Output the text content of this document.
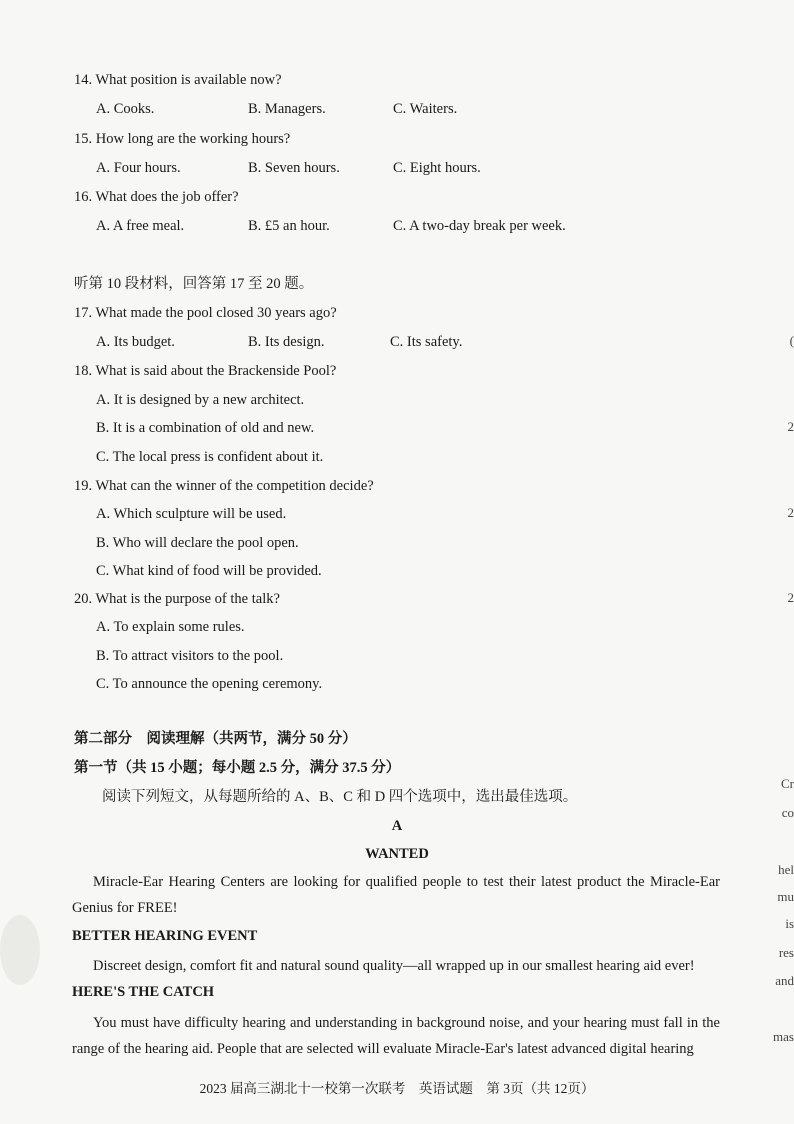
14. What position is available now?
A. Cooks.	B. Managers.	C. Waiters.
15. How long are the working hours?
A. Four hours.	B. Seven hours.	C. Eight hours.
16. What does the job offer?
A. A free meal.	B. £5 an hour.	C. A two-day break per week.
听第 10 段材料，回答第 17 至 20 题。
17. What made the pool closed 30 years ago?
A. Its budget.	B. Its design.	C. Its safety.
18. What is said about the Brackenside Pool?
A. It is designed by a new architect.
B. It is a combination of old and new.
C. The local press is confident about it.
19. What can the winner of the competition decide?
A. Which sculpture will be used.
B. Who will declare the pool open.
C. What kind of food will be provided.
20. What is the purpose of the talk?
A. To explain some rules.
B. To attract visitors to the pool.
C. To announce the opening ceremony.
第二部分　阅读理解（共两节，满分 50 分）
第一节（共 15 小题；每小题 2.5 分，满分 37.5 分）
阅读下列短文，从每题所给的 A、B、C 和 D 四个选项中，选出最佳选项。
A
WANTED
Miracle-Ear Hearing Centers are looking for qualified people to test their latest product the Miracle-Ear Genius for FREE!
BETTER HEARING EVENT
Discreet design, comfort fit and natural sound quality—all wrapped up in our smallest hearing aid ever!
HERE'S THE CATCH
You must have difficulty hearing and understanding in background noise, and your hearing must fall in the range of the hearing aid. People that are selected will evaluate Miracle-Ear's latest advanced digital hearing
(
2
2
2
Cr
co
hel
mu
is
res
and
mas
2023 届高三湖北十一校第一次联考　英语试题　第 3页（共 12页）
